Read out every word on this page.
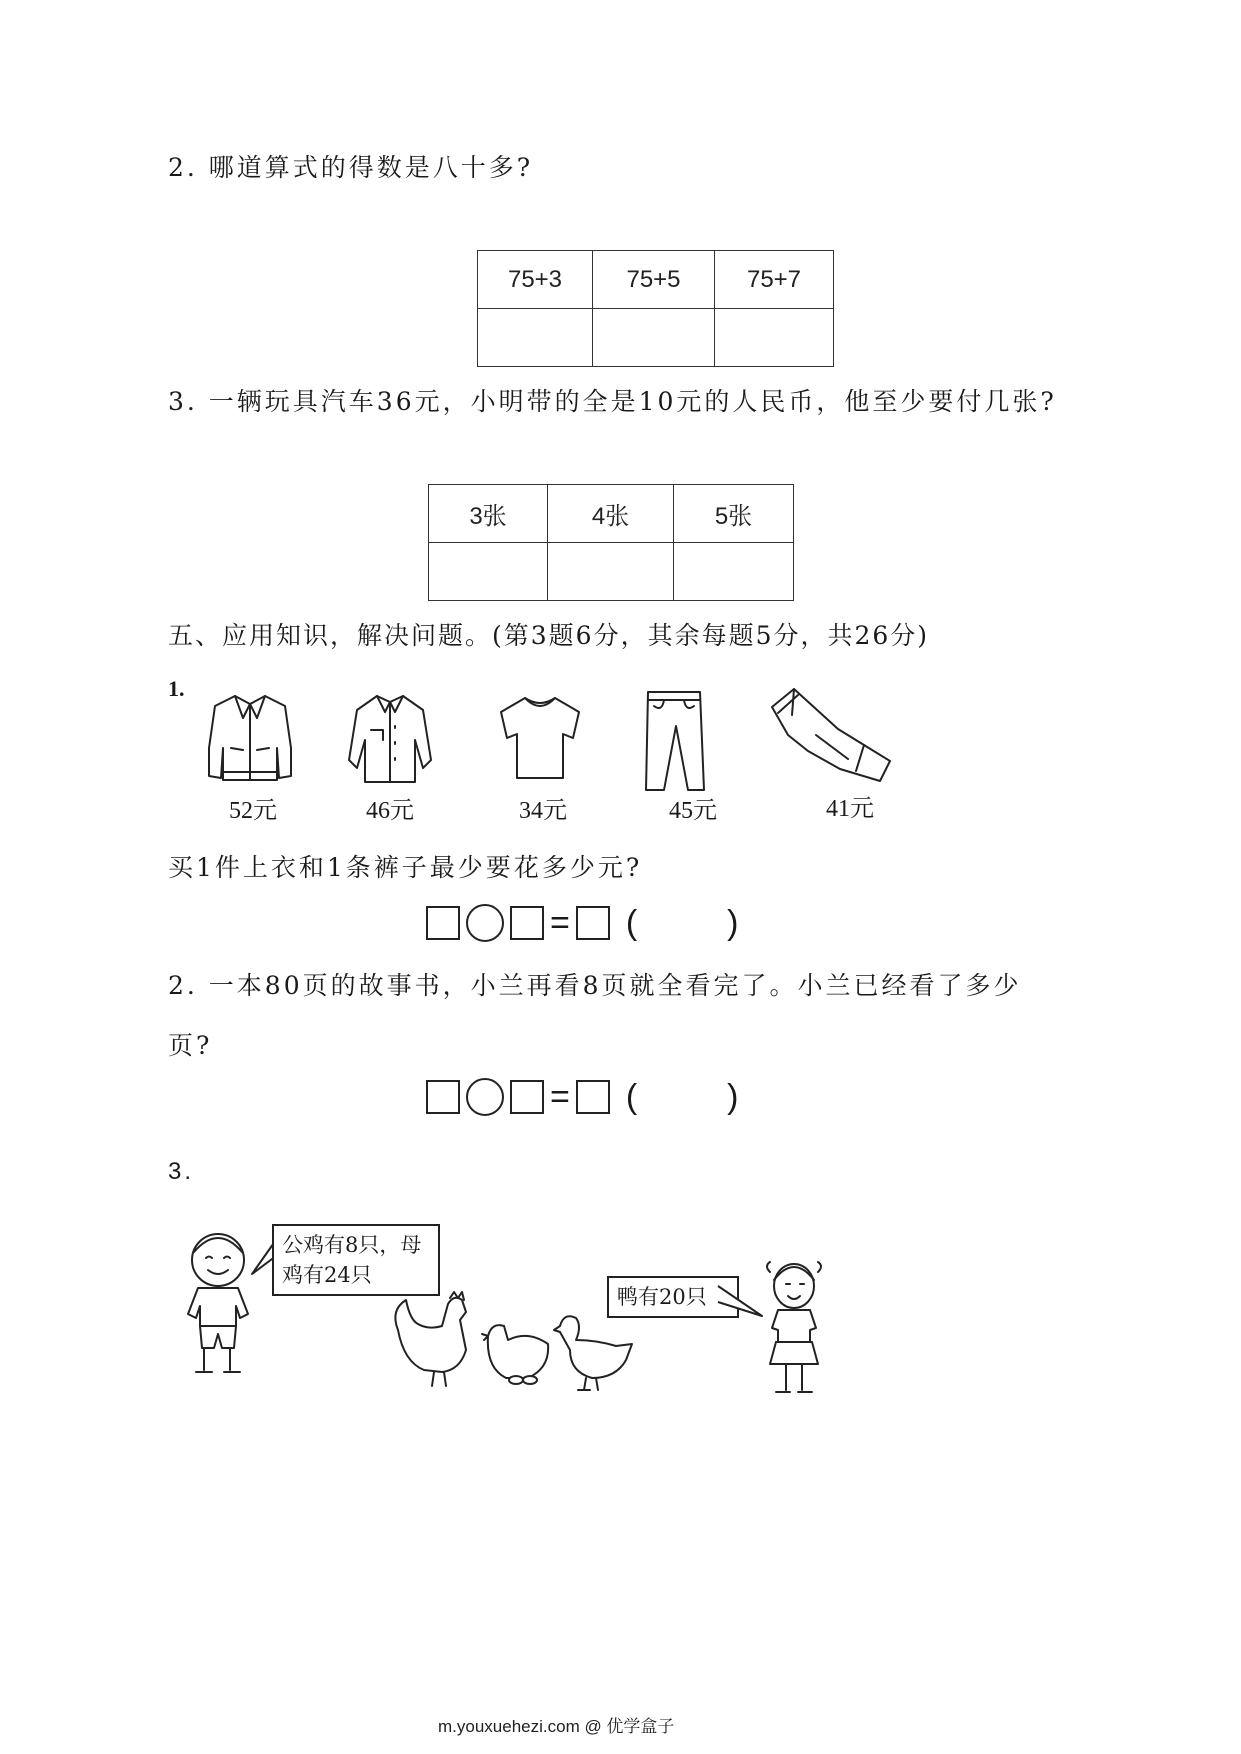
2. 哪道算式的得数是八十多?
75+3	75+5	75+7

3. 一辆玩具汽车36元，小明带的全是10元的人民币，他至少要付几张?
3张	4张	5张

五、应用知识，解决问题。(第3题6分，其余每题5分，共26分)
1.
52元	46元	34元	45元	41元
买1件上衣和1条裤子最少要花多少元?
= (　)
2. 一本80页的故事书，小兰再看8页就全看完了。小兰已经看了多少
页?
= (　)
3.
公鸡有8只，母
鸡有24只
鸭有20只
m.youxuehezi.com @ 优学盒子
